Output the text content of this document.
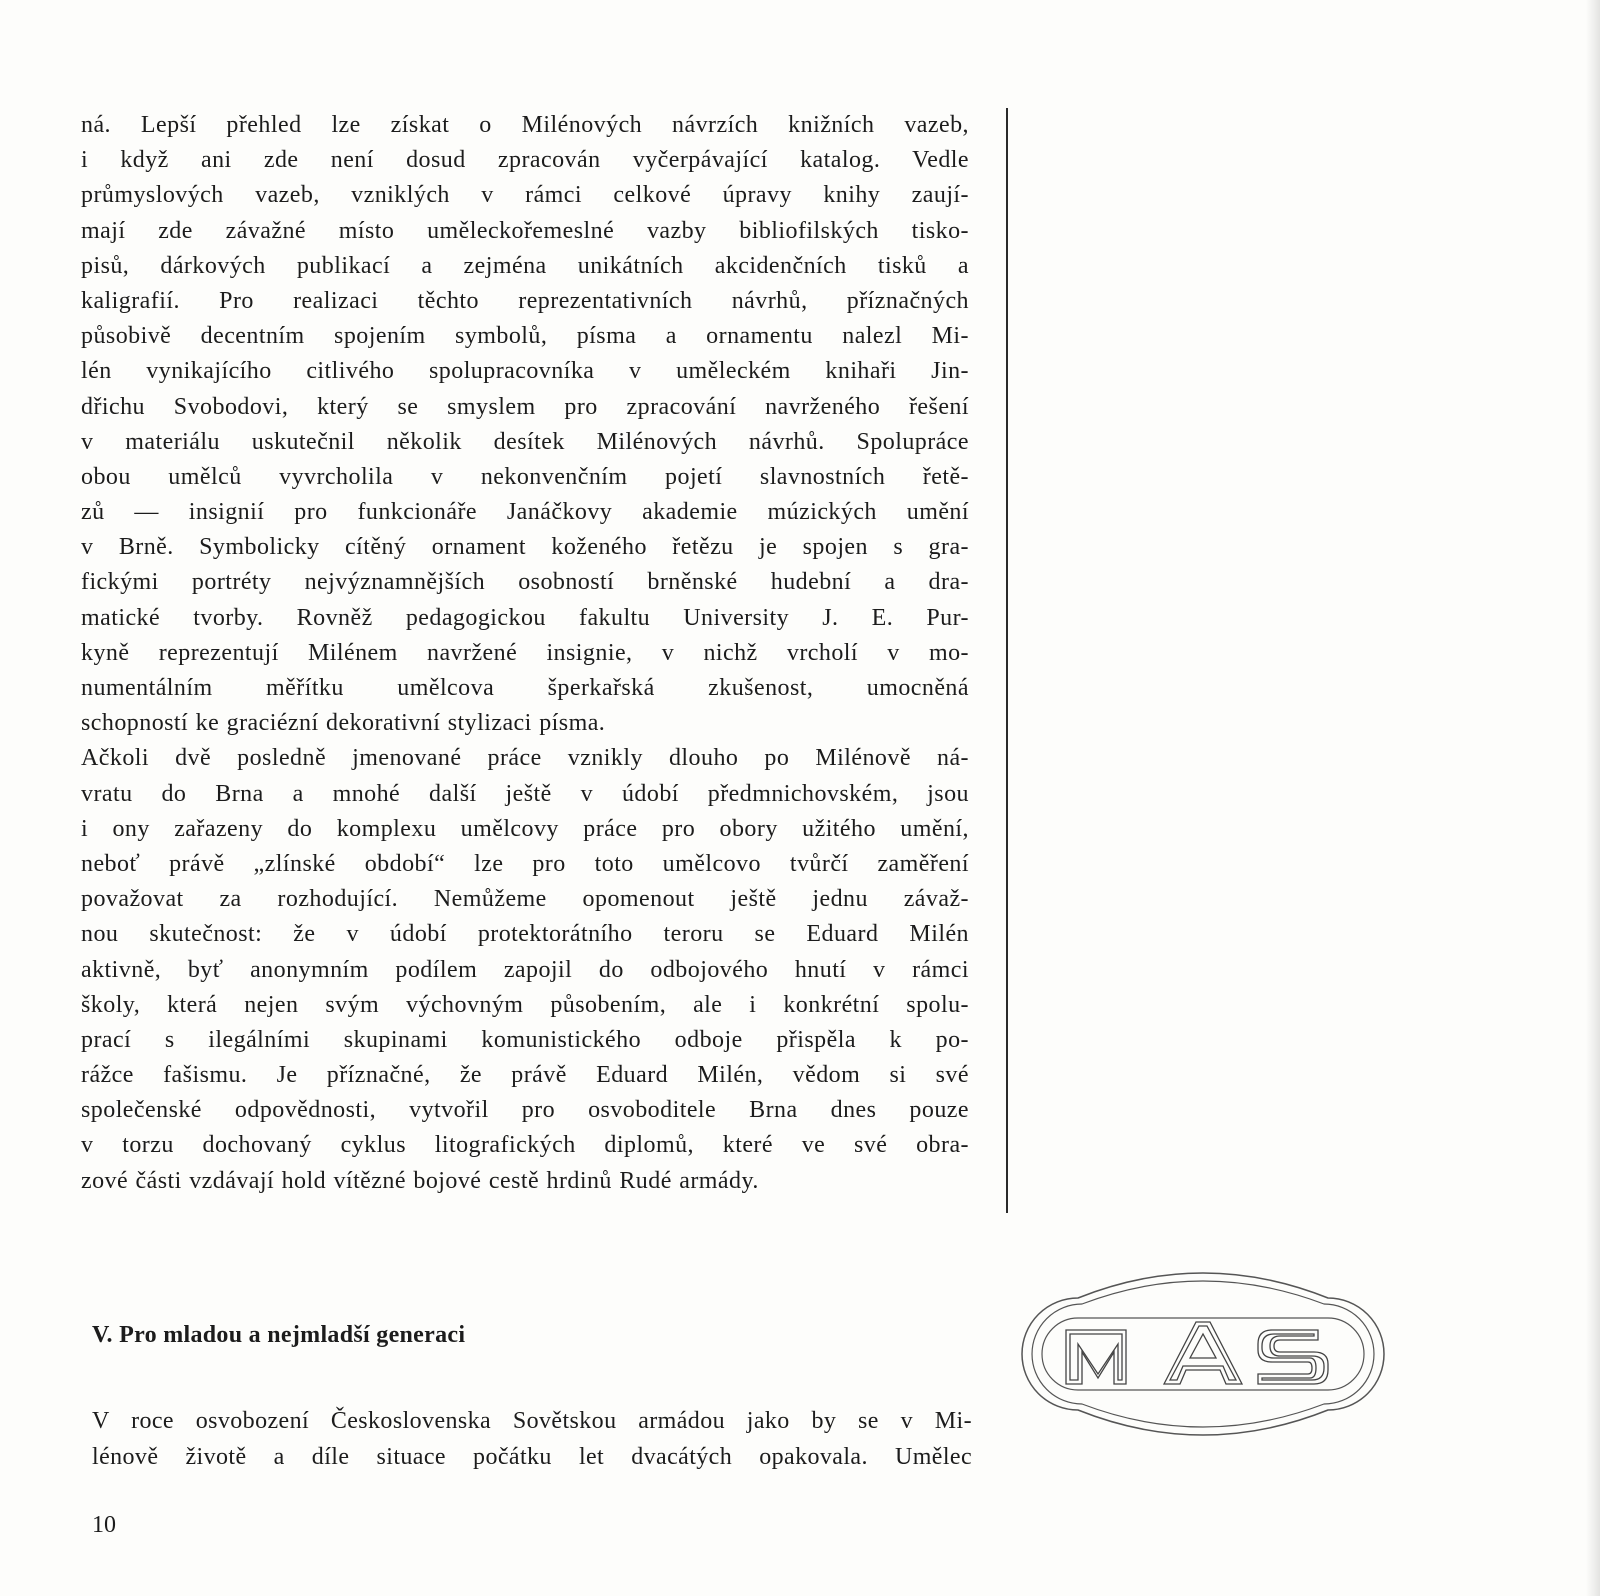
ná. Lepší přehled lze získat o Milénových návrzích knižních vazeb,
i když ani zde není dosud zpracován vyčerpávající katalog. Vedle
průmyslových vazeb, vzniklých v rámci celkové úpravy knihy zaují-
mají zde závažné místo uměleckořemeslné vazby bibliofilských tisko-
pisů, dárkových publikací a zejména unikátních akcidenčních tisků a
kaligrafií. Pro realizaci těchto reprezentativních návrhů, příznačných
působivě decentním spojením symbolů, písma a ornamentu nalezl Mi-
lén vynikajícího citlivého spolupracovníka v uměleckém knihaři Jin-
dřichu Svobodovi, který se smyslem pro zpracování navrženého řešení
v materiálu uskutečnil několik desítek Milénových návrhů. Spolupráce
obou umělců vyvrcholila v nekonvenčním pojetí slavnostních řetě-
zů — insignií pro funkcionáře Janáčkovy akademie múzických umění
v Brně. Symbolicky cítěný ornament koženého řetězu je spojen s gra-
fickými portréty nejvýznamnějších osobností brněnské hudební a dra-
matické tvorby. Rovněž pedagogickou fakultu University J. E. Pur-
kyně reprezentují Milénem navržené insignie, v nichž vrcholí v mo-
numentálním měřítku umělcova šperkařská zkušenost, umocněná
schopností ke graciézní dekorativní stylizaci písma.
Ačkoli dvě posledně jmenované práce vznikly dlouho po Milénově ná-
vratu do Brna a mnohé další ještě v údobí předmnichovském, jsou
i ony zařazeny do komplexu umělcovy práce pro obory užitého umění,
neboť právě „zlínské období“ lze pro toto umělcovo tvůrčí zaměření
považovat za rozhodující. Nemůžeme opomenout ještě jednu závaž-
nou skutečnost: že v údobí protektorátního teroru se Eduard Milén
aktivně, byť anonymním podílem zapojil do odbojového hnutí v rámci
školy, která nejen svým výchovným působením, ale i konkrétní spolu-
prací s ilegálními skupinami komunistického odboje přispěla k po-
rážce fašismu. Je příznačné, že právě Eduard Milén, vědom si své
společenské odpovědnosti, vytvořil pro osvoboditele Brna dnes pouze
v torzu dochovaný cyklus litografických diplomů, které ve své obra-
zové části vzdávají hold vítězné bojové cestě hrdinů Rudé armády.
V. Pro mladou a nejmladší generaci
V roce osvobození Československa Sovětskou armádou jako by se v Mi-
lénově životě a díle situace počátku let dvacátých opakovala. Umělec
10
